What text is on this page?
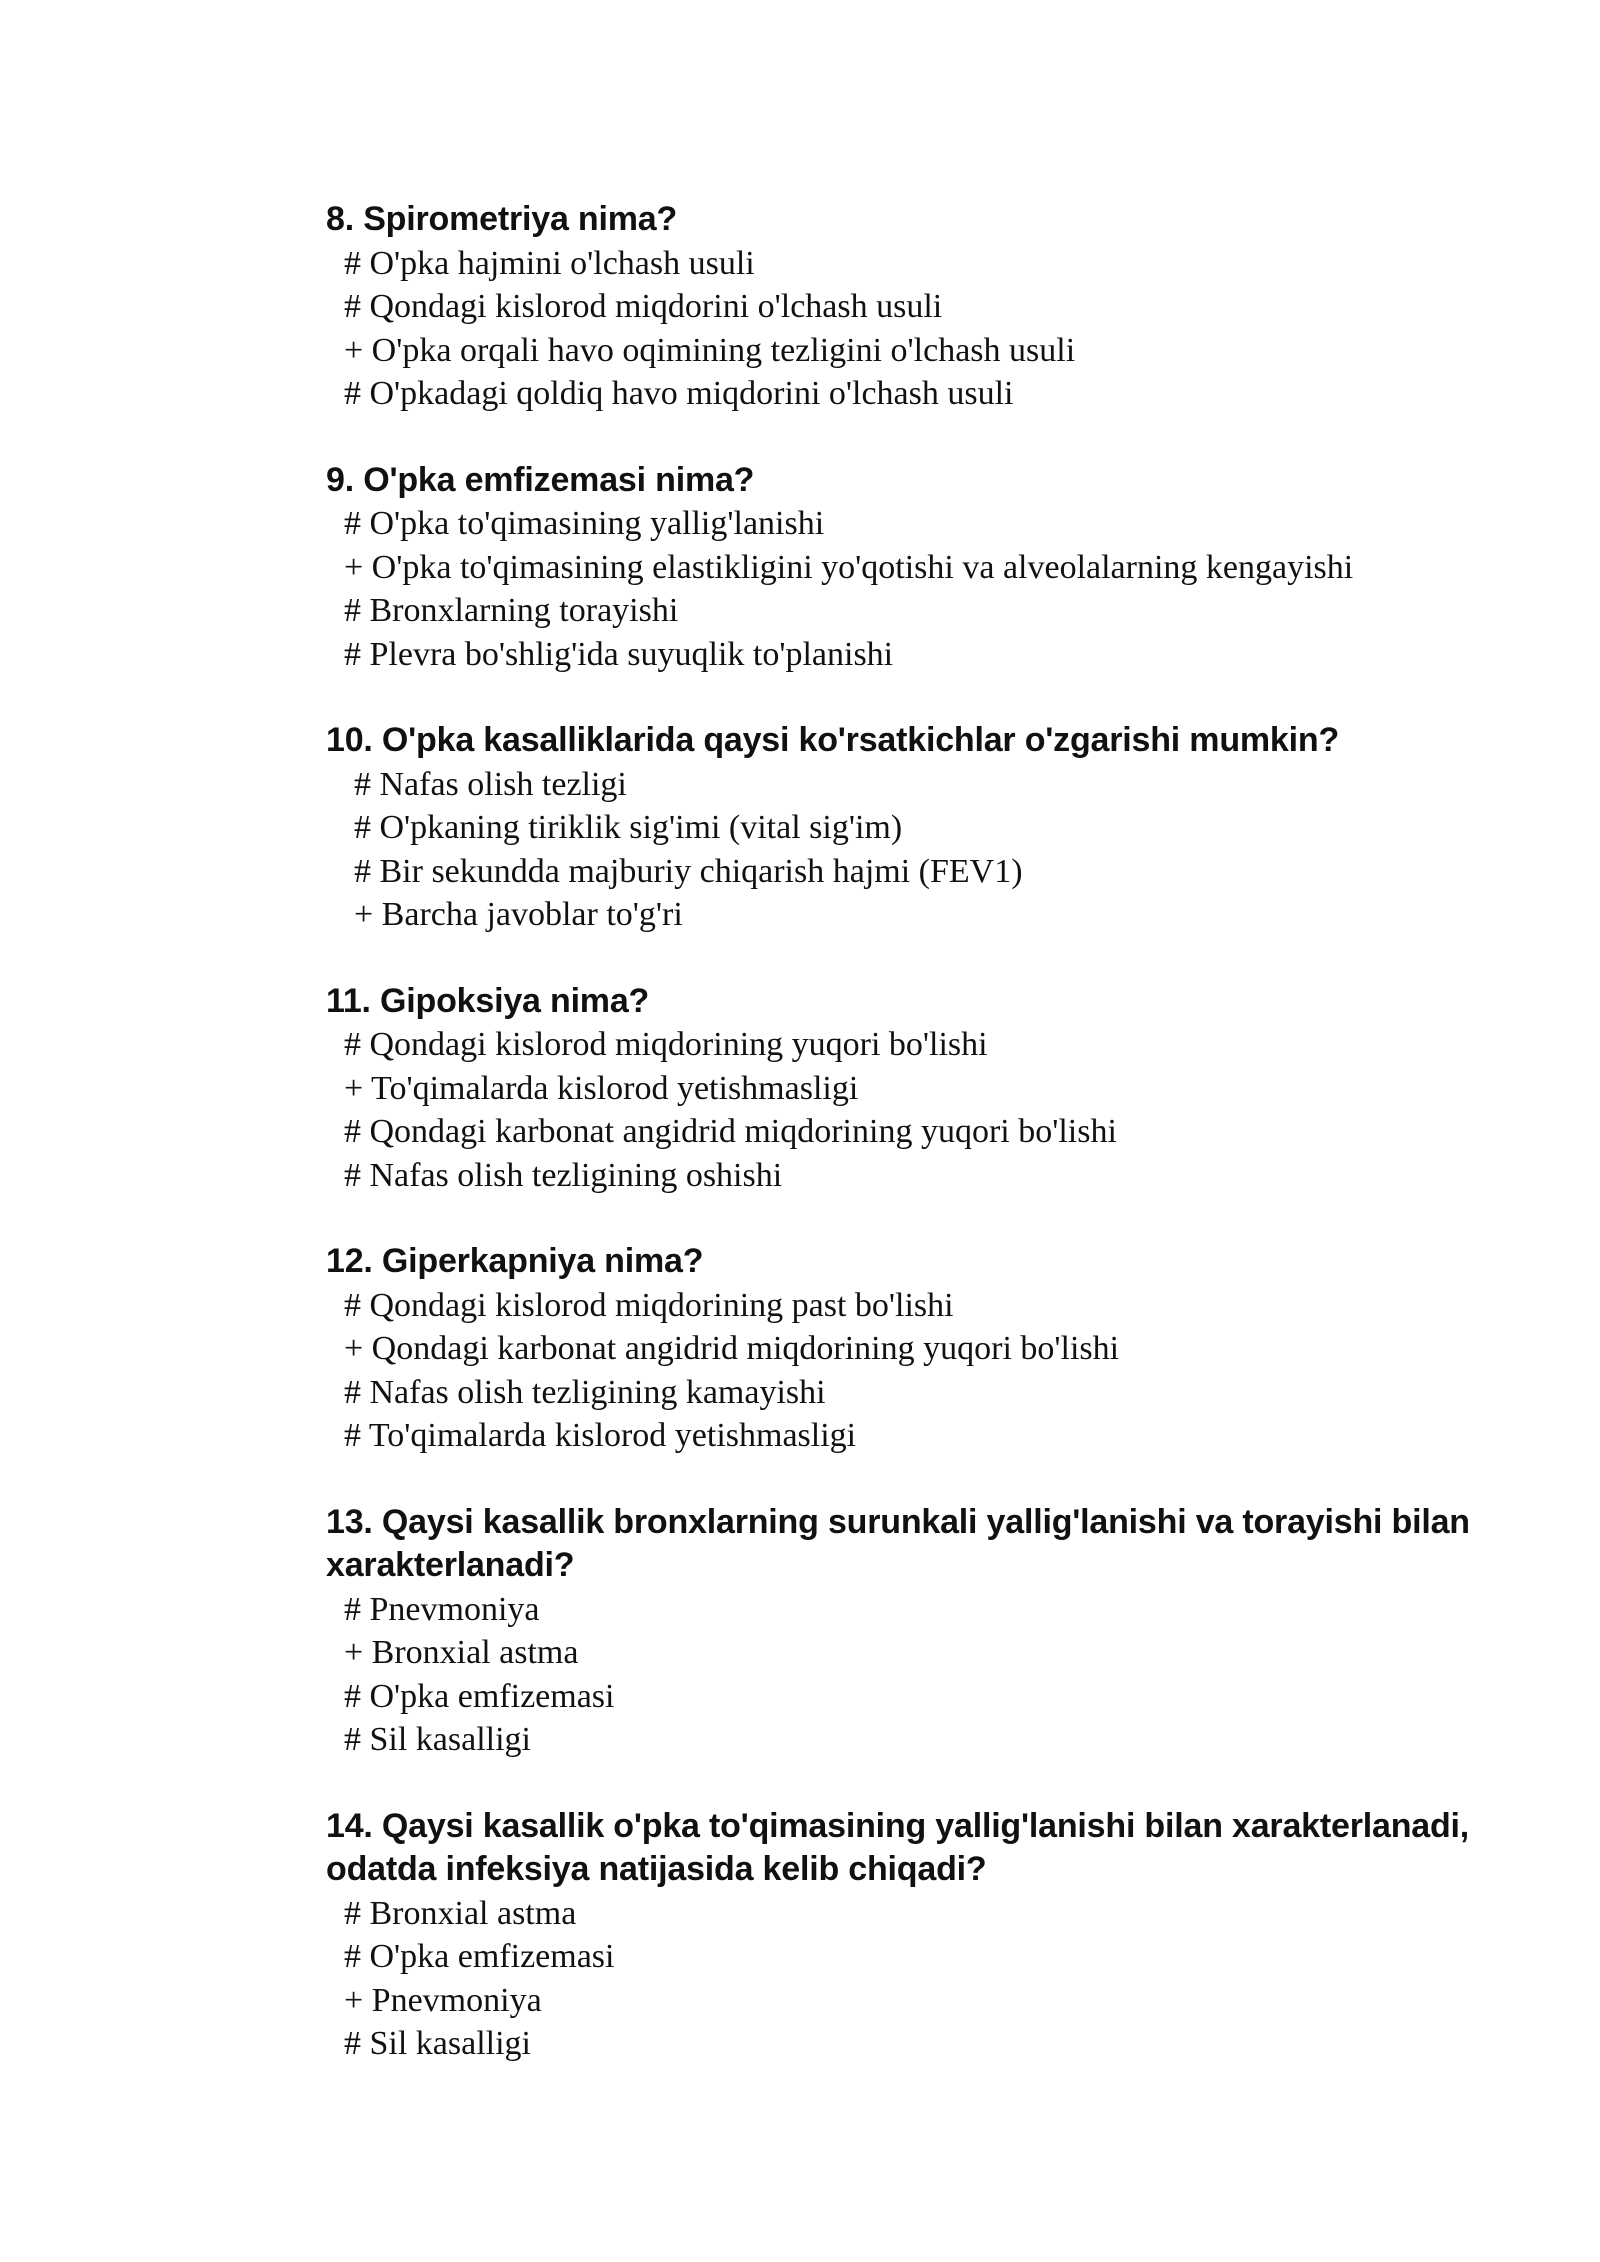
8. Spirometriya nima?

# O'pka hajmini o'lchash usuli

# Qondagi kislorod miqdorini o'lchash usuli

+ O'pka orqali havo oqimining tezligini o'lchash usuli

# O'pkadagi qoldiq havo miqdorini o'lchash usuli

9. O'pka emfizemasi nima?

# O'pka to'qimasining yallig'lanishi

+ O'pka to'qimasining elastikligini yo'qotishi va alveolalarning kengayishi

# Bronxlarning torayishi

# Plevra bo'shlig'ida suyuqlik to'planishi

10. O'pka kasalliklarida qaysi ko'rsatkichlar o'zgarishi mumkin?

# Nafas olish tezligi

# O'pkaning tiriklik sig'imi (vital sig'im)

# Bir sekundda majburiy chiqarish hajmi (FEV1)

+ Barcha javoblar to'g'ri

11. Gipoksiya nima?

# Qondagi kislorod miqdorining yuqori bo'lishi

+ To'qimalarda kislorod yetishmasligi

# Qondagi karbonat angidrid miqdorining yuqori bo'lishi

# Nafas olish tezligining oshishi

12. Giperkapniya nima?

# Qondagi kislorod miqdorining past bo'lishi

+ Qondagi karbonat angidrid miqdorining yuqori bo'lishi

# Nafas olish tezligining kamayishi

# To'qimalarda kislorod yetishmasligi

13. Qaysi kasallik bronxlarning surunkali yallig'lanishi va torayishi bilan xarakterlanadi?

# Pnevmoniya

+ Bronxial astma

# O'pka emfizemasi

# Sil kasalligi

14. Qaysi kasallik o'pka to'qimasining yallig'lanishi bilan xarakterlanadi, odatda infeksiya natijasida kelib chiqadi?

# Bronxial astma

# O'pka emfizemasi

+ Pnevmoniya

# Sil kasalligi
